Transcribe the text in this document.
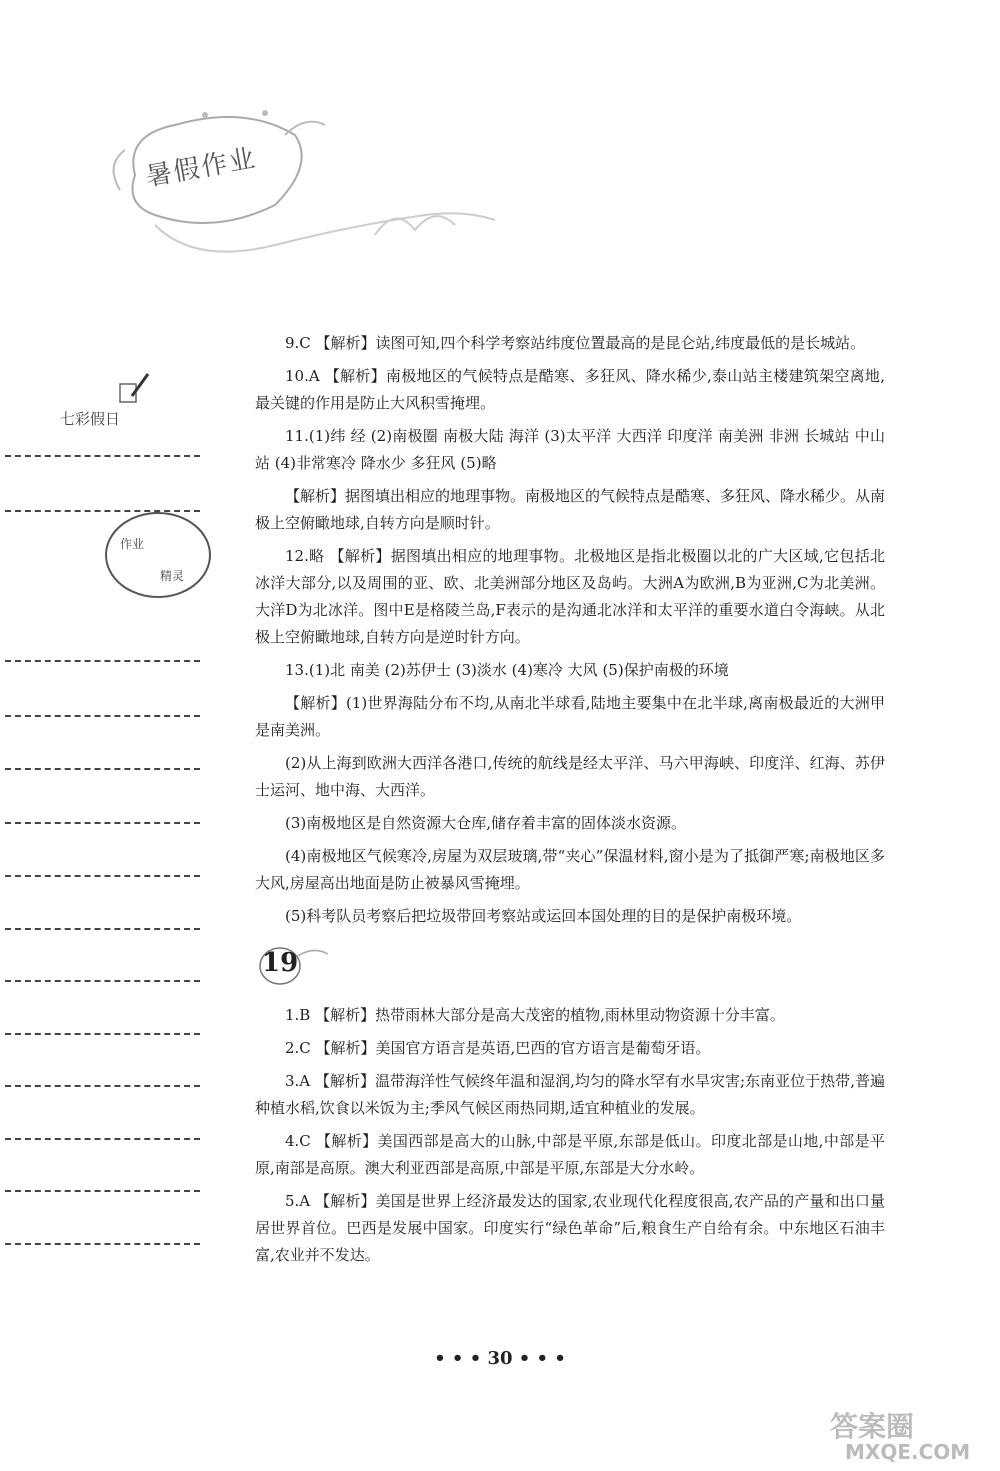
暑假作业
七彩假日
作业
精灵

9.C 【解析】读图可知,四个科学考察站纬度位置最高的是昆仑站,纬度最低的是长城站。

10.A 【解析】南极地区的气候特点是酷寒、多狂风、降水稀少,泰山站主楼建筑架空离地,最关键的作用是防止大风积雪掩埋。

11.(1)纬 经 (2)南极圈 南极大陆 海洋 (3)太平洋 大西洋 印度洋 南美洲 非洲 长城站 中山站 (4)非常寒冷 降水少 多狂风 (5)略

【解析】据图填出相应的地理事物。南极地区的气候特点是酷寒、多狂风、降水稀少。从南极上空俯瞰地球,自转方向是顺时针。

12.略 【解析】据图填出相应的地理事物。北极地区是指北极圈以北的广大区域,它包括北冰洋大部分,以及周围的亚、欧、北美洲部分地区及岛屿。大洲A为欧洲,B为亚洲,C为北美洲。大洋D为北冰洋。图中E是格陵兰岛,F表示的是沟通北冰洋和太平洋的重要水道白令海峡。从北极上空俯瞰地球,自转方向是逆时针方向。

13.(1)北 南美 (2)苏伊士 (3)淡水 (4)寒冷 大风 (5)保护南极的环境

【解析】(1)世界海陆分布不均,从南北半球看,陆地主要集中在北半球,离南极最近的大洲甲是南美洲。

(2)从上海到欧洲大西洋各港口,传统的航线是经太平洋、马六甲海峡、印度洋、红海、苏伊士运河、地中海、大西洋。

(3)南极地区是自然资源大仓库,储存着丰富的固体淡水资源。

(4)南极地区气候寒冷,房屋为双层玻璃,带“夹心”保温材料,窗小是为了抵御严寒;南极地区多大风,房屋高出地面是防止被暴风雪掩埋。

(5)科考队员考察后把垃圾带回考察站或运回本国处理的目的是保护南极环境。

19

1.B 【解析】热带雨林大部分是高大茂密的植物,雨林里动物资源十分丰富。

2.C 【解析】美国官方语言是英语,巴西的官方语言是葡萄牙语。

3.A 【解析】温带海洋性气候终年温和湿润,均匀的降水罕有水旱灾害;东南亚位于热带,普遍种植水稻,饮食以米饭为主;季风气候区雨热同期,适宜种植业的发展。

4.C 【解析】美国西部是高大的山脉,中部是平原,东部是低山。印度北部是山地,中部是平原,南部是高原。澳大利亚西部是高原,中部是平原,东部是大分水岭。

5.A 【解析】美国是世界上经济最发达的国家,农业现代化程度很高,农产品的产量和出口量居世界首位。巴西是发展中国家。印度实行“绿色革命”后,粮食生产自给有余。中东地区石油丰富,农业并不发达。

• • • 30 • • •
答案圈
MXQE.COM
